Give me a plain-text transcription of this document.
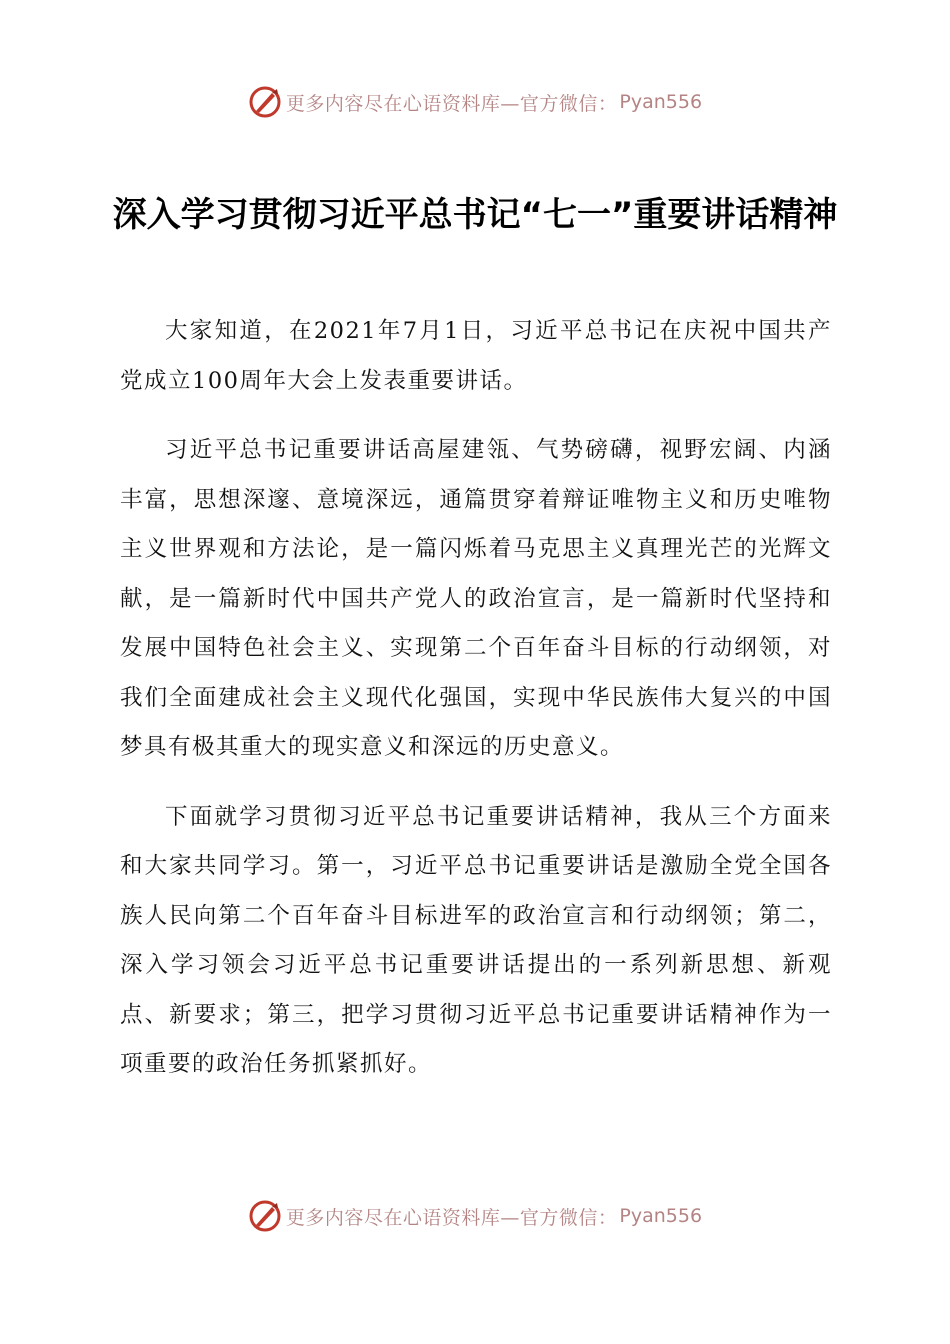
更多内容尽在心语资料库—官方微信： Pyan556
深入学习贯彻习近平总书记“七一”重要讲话精神

大家知道，在2021年7月1日，习近平总书记在庆祝中国共产党成立100周年大会上发表重要讲话。

习近平总书记重要讲话高屋建瓴、气势磅礴，视野宏阔、内涵丰富，思想深邃、意境深远，通篇贯穿着辩证唯物主义和历史唯物主义世界观和方法论，是一篇闪烁着马克思主义真理光芒的光辉文献，是一篇新时代中国共产党人的政治宣言，是一篇新时代坚持和发展中国特色社会主义、实现第二个百年奋斗目标的行动纲领，对我们全面建成社会主义现代化强国，实现中华民族伟大复兴的中国梦具有极其重大的现实意义和深远的历史意义。

下面就学习贯彻习近平总书记重要讲话精神，我从三个方面来和大家共同学习。第一，习近平总书记重要讲话是激励全党全国各族人民向第二个百年奋斗目标进军的政治宣言和行动纲领；第二，深入学习领会习近平总书记重要讲话提出的一系列新思想、新观点、新要求；第三，把学习贯彻习近平总书记重要讲话精神作为一项重要的政治任务抓紧抓好。

更多内容尽在心语资料库—官方微信： Pyan556
